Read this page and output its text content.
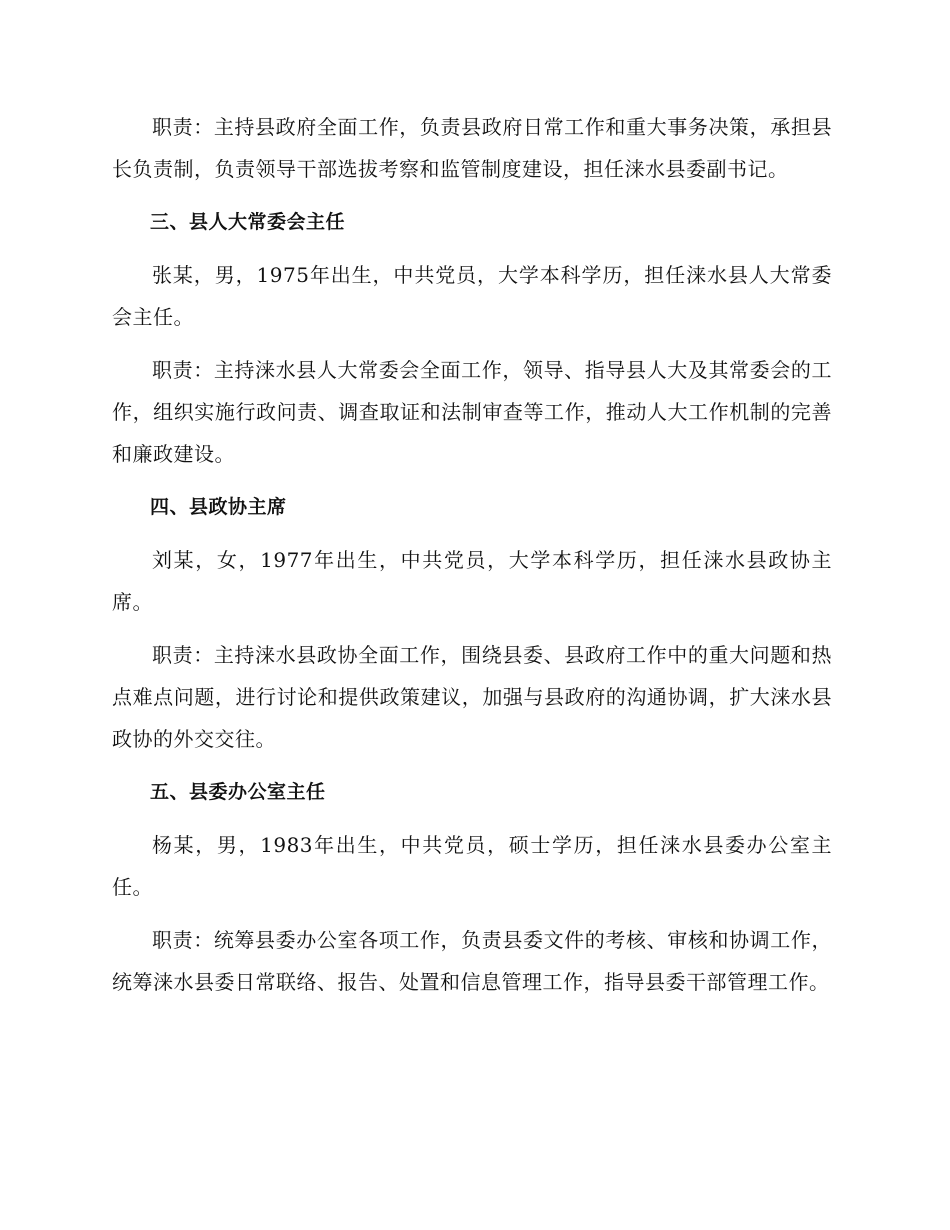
职责：主持县政府全面工作，负责县政府日常工作和重大事务决策，承担县长负责制，负责领导干部选拔考察和监管制度建设，担任涞水县委副书记。

三、县人大常委会主任

张某，男，1975年出生，中共党员，大学本科学历，担任涞水县人大常委会主任。

职责：主持涞水县人大常委会全面工作，领导、指导县人大及其常委会的工作，组织实施行政问责、调查取证和法制审查等工作，推动人大工作机制的完善和廉政建设。

四、县政协主席

刘某，女，1977年出生，中共党员，大学本科学历，担任涞水县政协主席。

职责：主持涞水县政协全面工作，围绕县委、县政府工作中的重大问题和热点难点问题，进行讨论和提供政策建议，加强与县政府的沟通协调，扩大涞水县政协的外交交往。

五、县委办公室主任

杨某，男，1983年出生，中共党员，硕士学历，担任涞水县委办公室主任。

职责：统筹县委办公室各项工作，负责县委文件的考核、审核和协调工作，统筹涞水县委日常联络、报告、处置和信息管理工作，指导县委干部管理工作。
